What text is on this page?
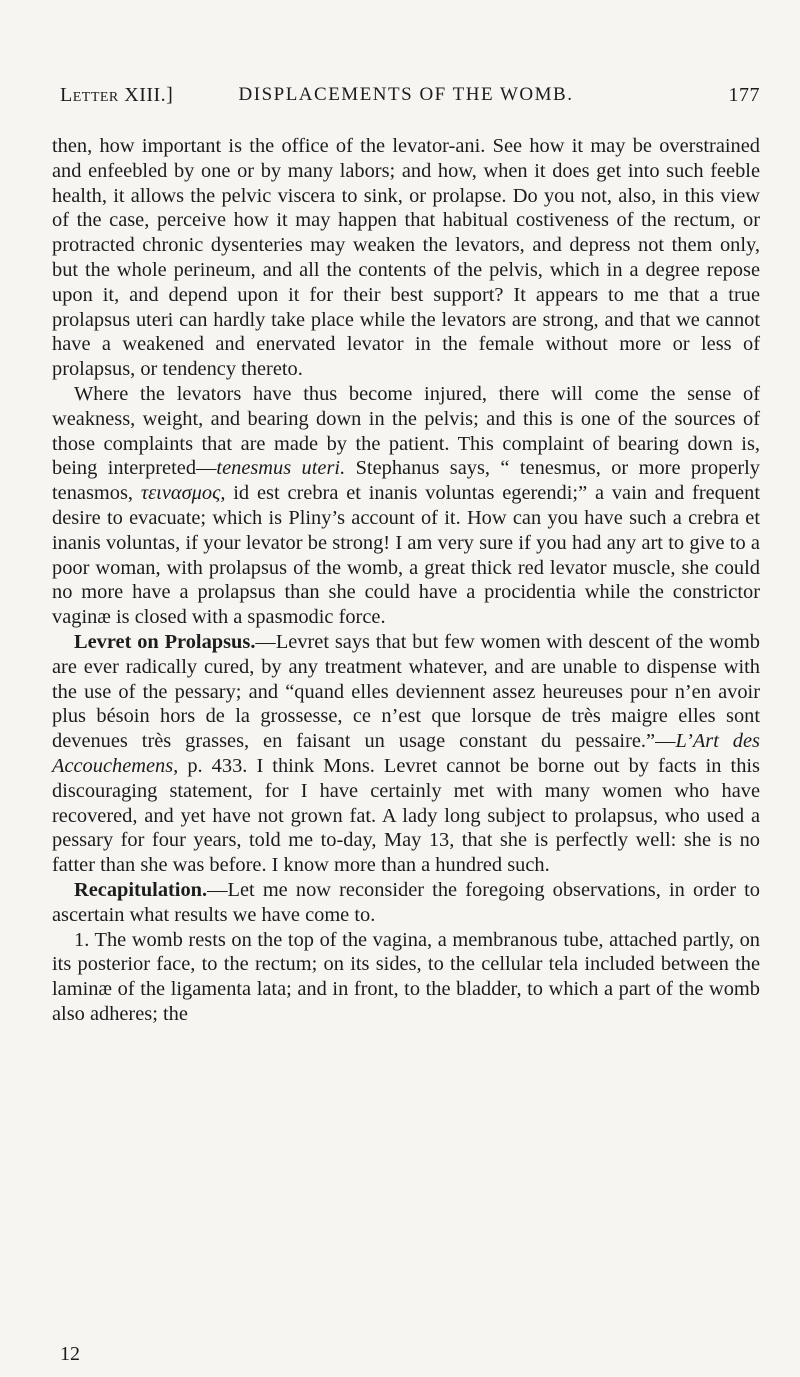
Letter XIII.]	DISPLACEMENTS OF THE WOMB.	177

then, how important is the office of the levator-ani. See how it may be overstrained and enfeebled by one or by many labors; and how, when it does get into such feeble health, it allows the pelvic viscera to sink, or prolapse. Do you not, also, in this view of the case, perceive how it may happen that habitual costiveness of the rectum, or protracted chronic dysenteries may weaken the levators, and depress not them only, but the whole perineum, and all the contents of the pelvis, which in a degree repose upon it, and depend upon it for their best support? It appears to me that a true prolapsus uteri can hardly take place while the levators are strong, and that we cannot have a weakened and enervated levator in the female without more or less of prolapsus, or tendency thereto.

Where the levators have thus become injured, there will come the sense of weakness, weight, and bearing down in the pelvis; and this is one of the sources of those complaints that are made by the patient. This complaint of bearing down is, being interpreted—tenesmus uteri. Stephanus says, “ tenesmus, or more properly tenasmos, τεινασμος, id est crebra et inanis voluntas egerendi;” a vain and frequent desire to evacuate; which is Pliny’s account of it. How can you have such a crebra et inanis voluntas, if your levator be strong! I am very sure if you had any art to give to a poor woman, with prolapsus of the womb, a great thick red levator muscle, she could no more have a prolapsus than she could have a procidentia while the constrictor vaginæ is closed with a spasmodic force.

Levret on Prolapsus.—Levret says that but few women with descent of the womb are ever radically cured, by any treatment whatever, and are unable to dispense with the use of the pessary; and “quand elles deviennent assez heureuses pour n’en avoir plus bésoin hors de la grossesse, ce n’est que lorsque de très maigre elles sont devenues très grasses, en faisant un usage constant du pessaire.”—L’Art des Accouchemens, p. 433. I think Mons. Levret cannot be borne out by facts in this discouraging statement, for I have certainly met with many women who have recovered, and yet have not grown fat. A lady long subject to prolapsus, who used a pessary for four years, told me to-day, May 13, that she is perfectly well: she is no fatter than she was before. I know more than a hundred such.

Recapitulation.—Let me now reconsider the foregoing observations, in order to ascertain what results we have come to.

1. The womb rests on the top of the vagina, a membranous tube, attached partly, on its posterior face, to the rectum; on its sides, to the cellular tela included between the laminæ of the ligamenta lata; and in front, to the bladder, to which a part of the womb also adheres; the

12
